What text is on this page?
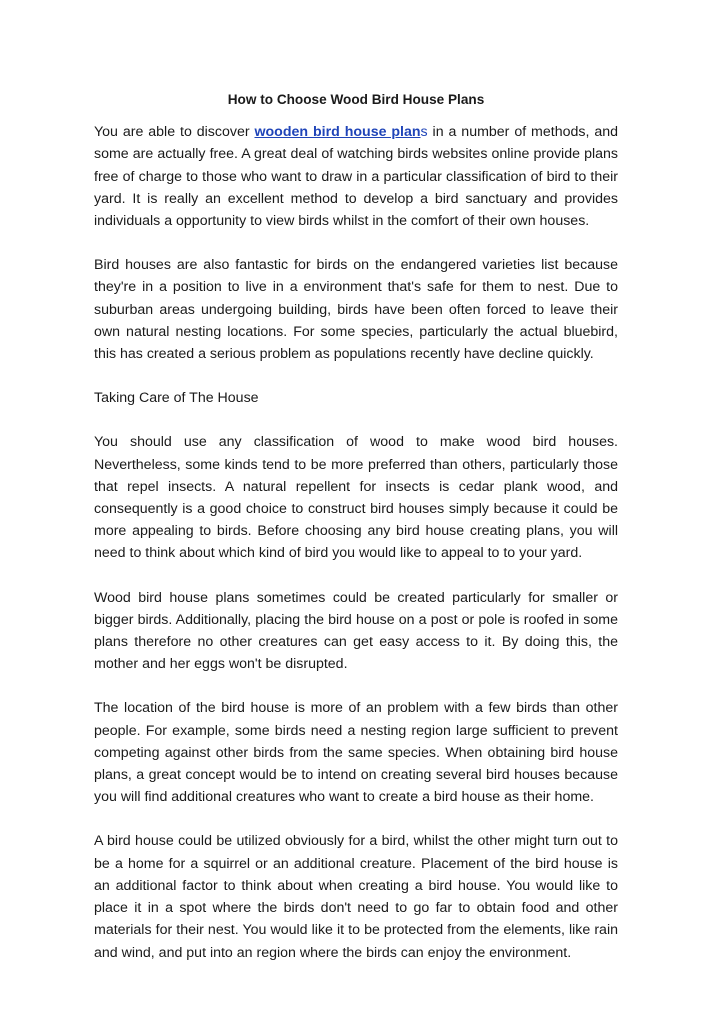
How to Choose Wood Bird House Plans

You are able to discover wooden bird house plans in a number of methods, and some are actually free. A great deal of watching birds websites online provide plans free of charge to those who want to draw in a particular classification of bird to their yard. It is really an excellent method to develop a bird sanctuary and provides individuals a opportunity to view birds whilst in the comfort of their own houses.

Bird houses are also fantastic for birds on the endangered varieties list because they're in a position to live in a environment that's safe for them to nest. Due to suburban areas undergoing building, birds have been often forced to leave their own natural nesting locations. For some species, particularly the actual bluebird, this has created a serious problem as populations recently have decline quickly.

Taking Care of The House

You should use any classification of wood to make wood bird houses. Nevertheless, some kinds tend to be more preferred than others, particularly those that repel insects. A natural repellent for insects is cedar plank wood, and consequently is a good choice to construct bird houses simply because it could be more appealing to birds. Before choosing any bird house creating plans, you will need to think about which kind of bird you would like to appeal to to your yard.

Wood bird house plans sometimes could be created particularly for smaller or bigger birds. Additionally, placing the bird house on a post or pole is roofed in some plans therefore no other creatures can get easy access to it. By doing this, the mother and her eggs won't be disrupted.

The location of the bird house is more of an problem with a few birds than other people. For example, some birds need a nesting region large sufficient to prevent competing against other birds from the same species. When obtaining bird house plans, a great concept would be to intend on creating several bird houses because you will find additional creatures who want to create a bird house as their home.

A bird house could be utilized obviously for a bird, whilst the other might turn out to be a home for a squirrel or an additional creature. Placement of the bird house is an additional factor to think about when creating a bird house. You would like to place it in a spot where the birds don't need to go far to obtain food and other materials for their nest. You would like it to be protected from the elements, like rain and wind, and put into an region where the birds can enjoy the environment.
